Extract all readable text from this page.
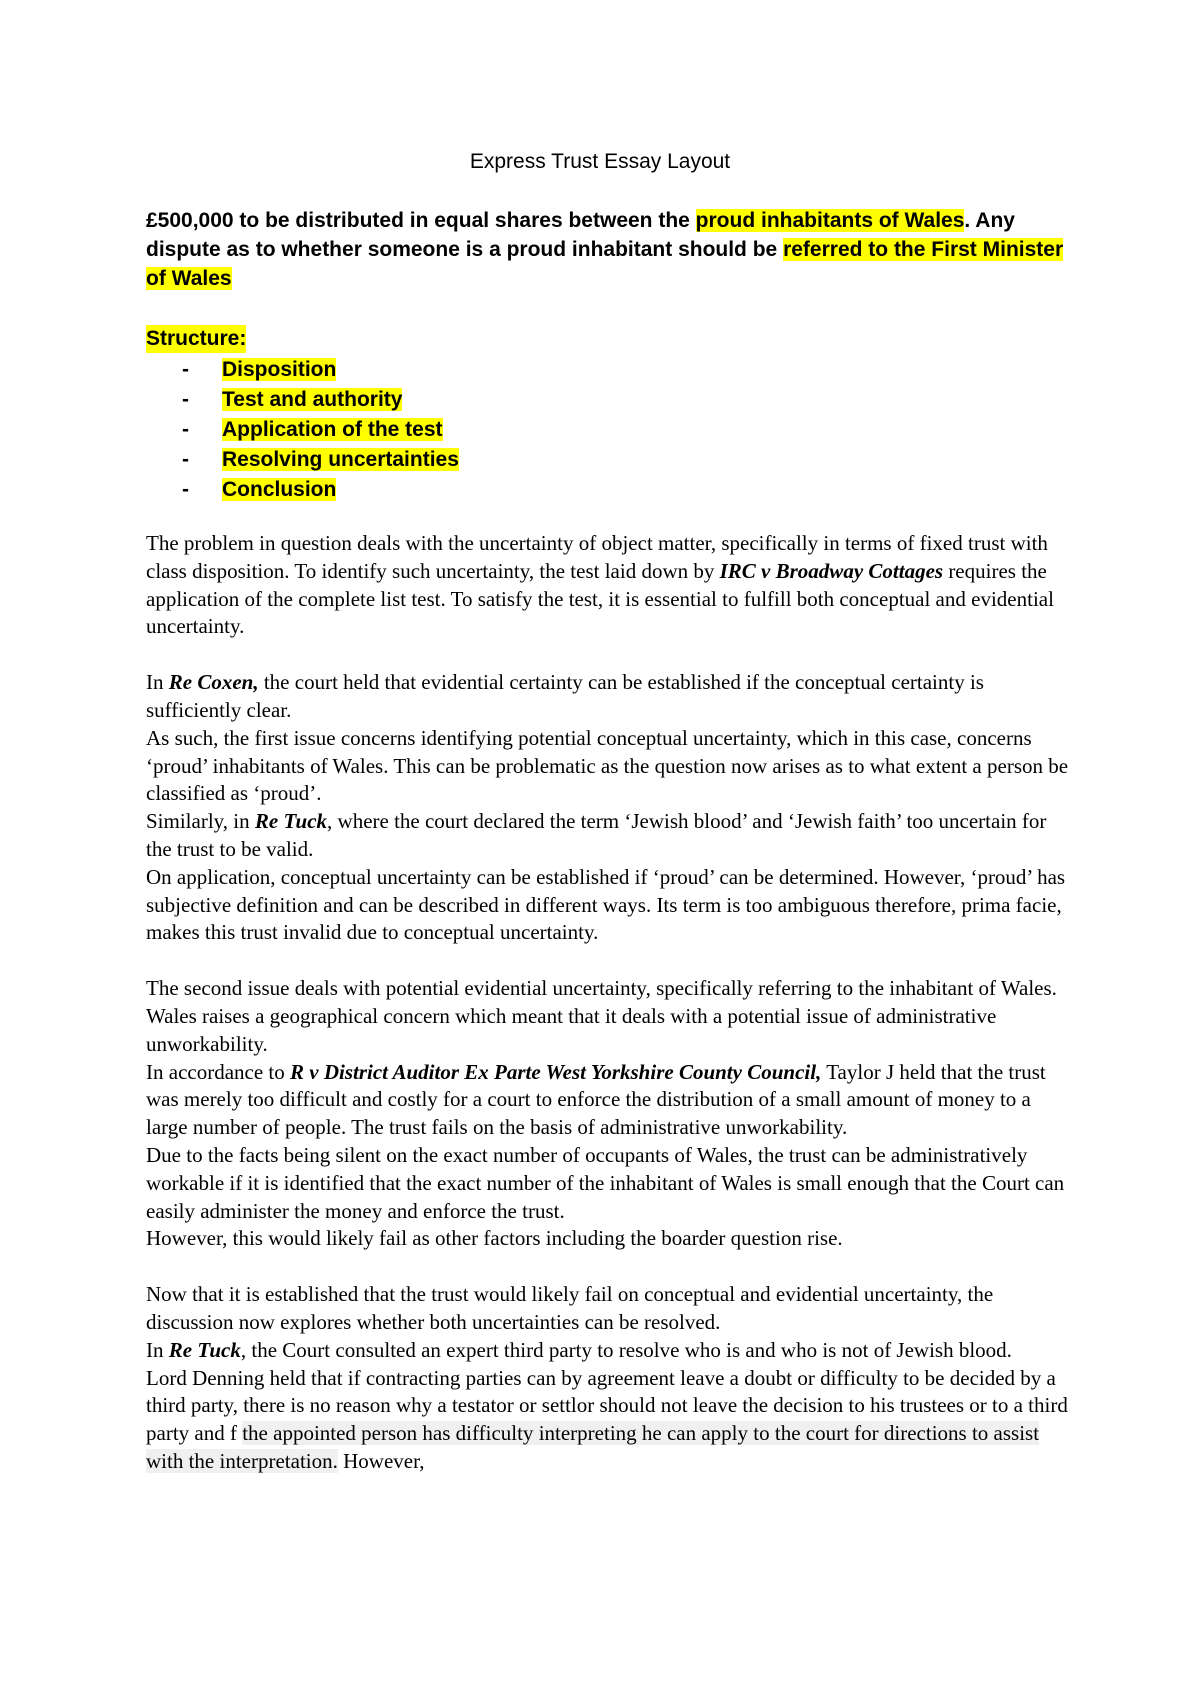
Express Trust Essay Layout
£500,000 to be distributed in equal shares between the proud inhabitants of Wales. Any dispute as to whether someone is a proud inhabitant should be referred to the First Minister of Wales
Structure:
- Disposition
- Test and authority
- Application of the test
- Resolving uncertainties
- Conclusion

The problem in question deals with the uncertainty of object matter, specifically in terms of fixed trust with class disposition. To identify such uncertainty, the test laid down by IRC v Broadway Cottages requires the application of the complete list test. To satisfy the test, it is essential to fulfill both conceptual and evidential uncertainty.

In Re Coxen, the court held that evidential certainty can be established if the conceptual certainty is sufficiently clear.

As such, the first issue concerns identifying potential conceptual uncertainty, which in this case, concerns ‘proud’ inhabitants of Wales. This can be problematic as the question now arises as to what extent a person be classified as ‘proud’.

Similarly, in Re Tuck, where the court declared the term ‘Jewish blood’ and ‘Jewish faith’ too uncertain for the trust to be valid.

On application, conceptual uncertainty can be established if ‘proud’ can be determined. However, ‘proud’ has subjective definition and can be described in different ways. Its term is too ambiguous therefore, prima facie, makes this trust invalid due to conceptual uncertainty.

The second issue deals with potential evidential uncertainty, specifically referring to the inhabitant of Wales. Wales raises a geographical concern which meant that it deals with a potential issue of administrative unworkability.

In accordance to R v District Auditor Ex Parte West Yorkshire County Council, Taylor J held that the trust was merely too difficult and costly for a court to enforce the distribution of a small amount of money to a large number of people. The trust fails on the basis of administrative unworkability.

Due to the facts being silent on the exact number of occupants of Wales, the trust can be administratively workable if it is identified that the exact number of the inhabitant of Wales is small enough that the Court can easily administer the money and enforce the trust.

However, this would likely fail as other factors including the boarder question rise.

Now that it is established that the trust would likely fail on conceptual and evidential uncertainty, the discussion now explores whether both uncertainties can be resolved.

In Re Tuck, the Court consulted an expert third party to resolve who is and who is not of Jewish blood.

Lord Denning held that if contracting parties can by agreement leave a doubt or difficulty to be decided by a third party, there is no reason why a testator or settlor should not leave the decision to his trustees or to a third party and f the appointed person has difficulty interpreting he can apply to the court for directions to assist with the interpretation. However,
